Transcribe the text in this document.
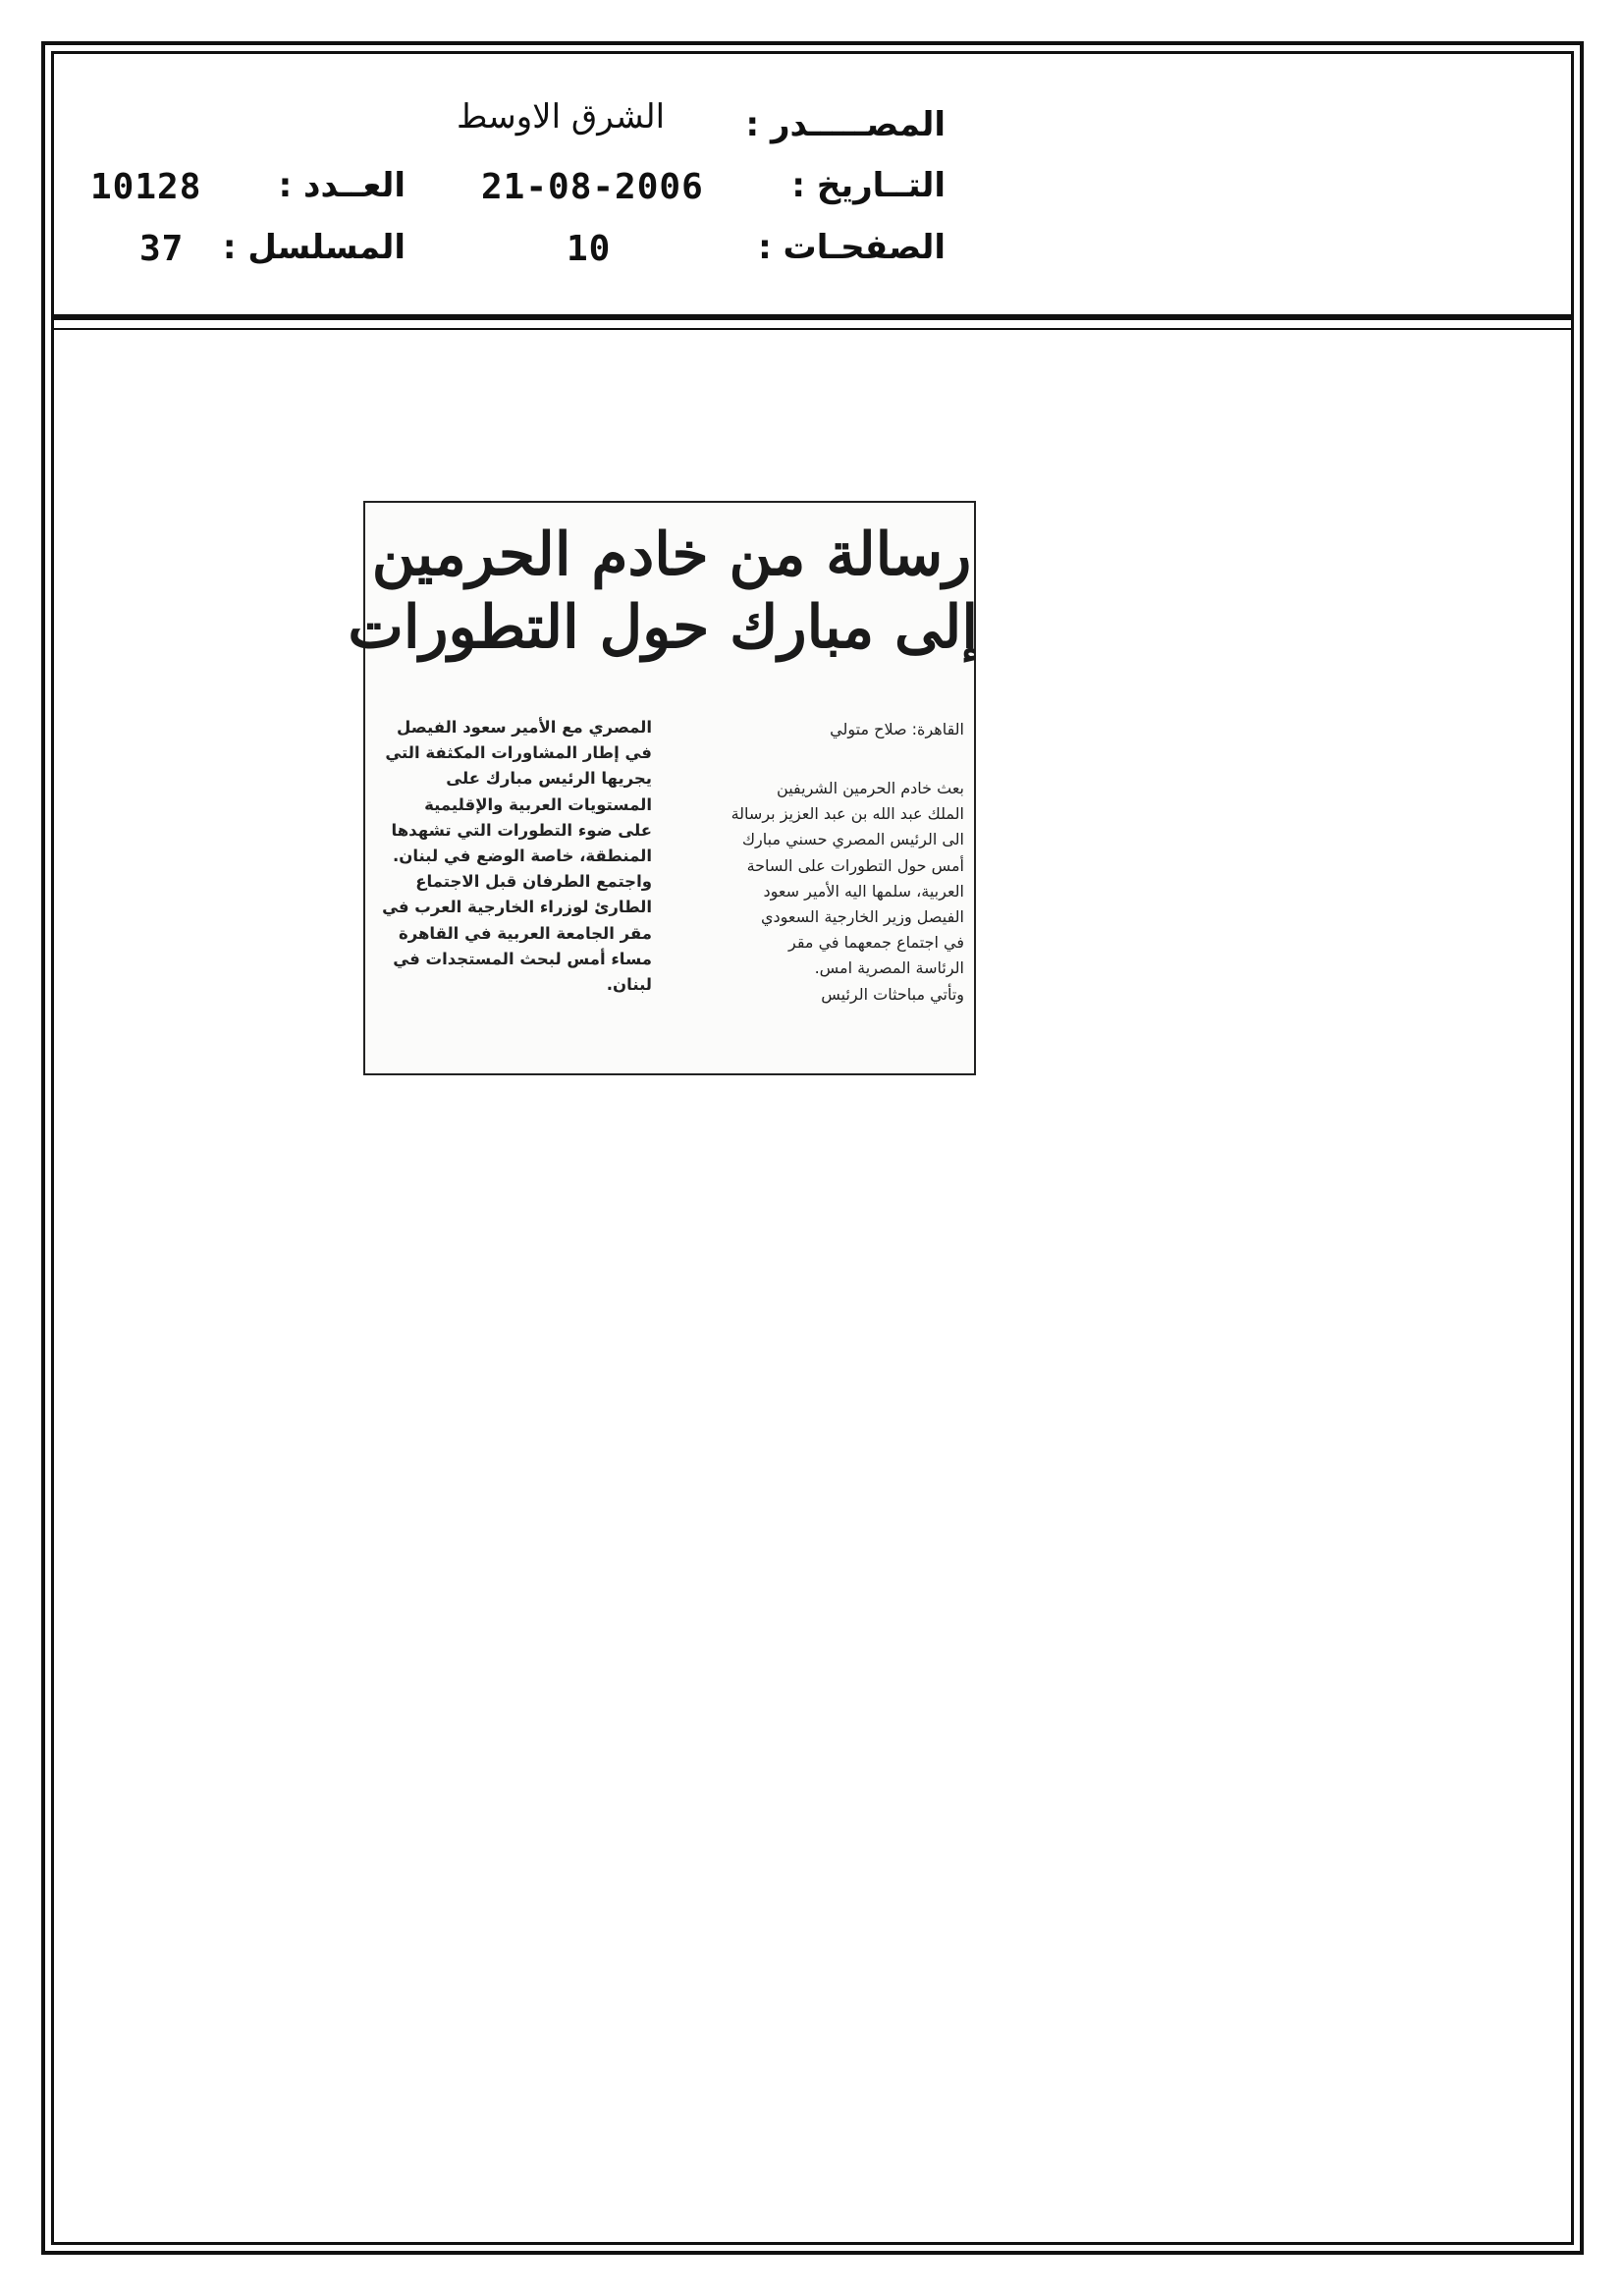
المصـــــدر :
الشرق الاوسط
التــاريخ :
21-08-2006
العــدد :
10128
الصفحـات :
10
المسلسل :
37
رسالة من خادم الحرمين
إلى مبارك حول التطورات
القاهرة: صلاح متولي
بعث خادم الحرمين الشريفين
الملك عبد الله بن عبد العزيز برسالة
الى الرئيس المصري حسني مبارك
أمس حول التطورات على الساحة
العربية، سلمها اليه الأمير سعود
الفيصل وزير الخارجية السعودي
في اجتماع جمعهما في مقر
الرئاسة المصرية امس.
وتأتي مباحثات الرئيس
المصري مع الأمير سعود الفيصل
في إطار المشاورات المكثفة التي
يجريها الرئيس مبارك على
المستويات العربية والإقليمية
على ضوء التطورات التي تشهدها
المنطقة، خاصة الوضع في لبنان.
واجتمع الطرفان قبل الاجتماع
الطارئ لوزراء الخارجية العرب في
مقر الجامعة العربية في القاهرة
مساء أمس لبحث المستجدات في
لبنان.
